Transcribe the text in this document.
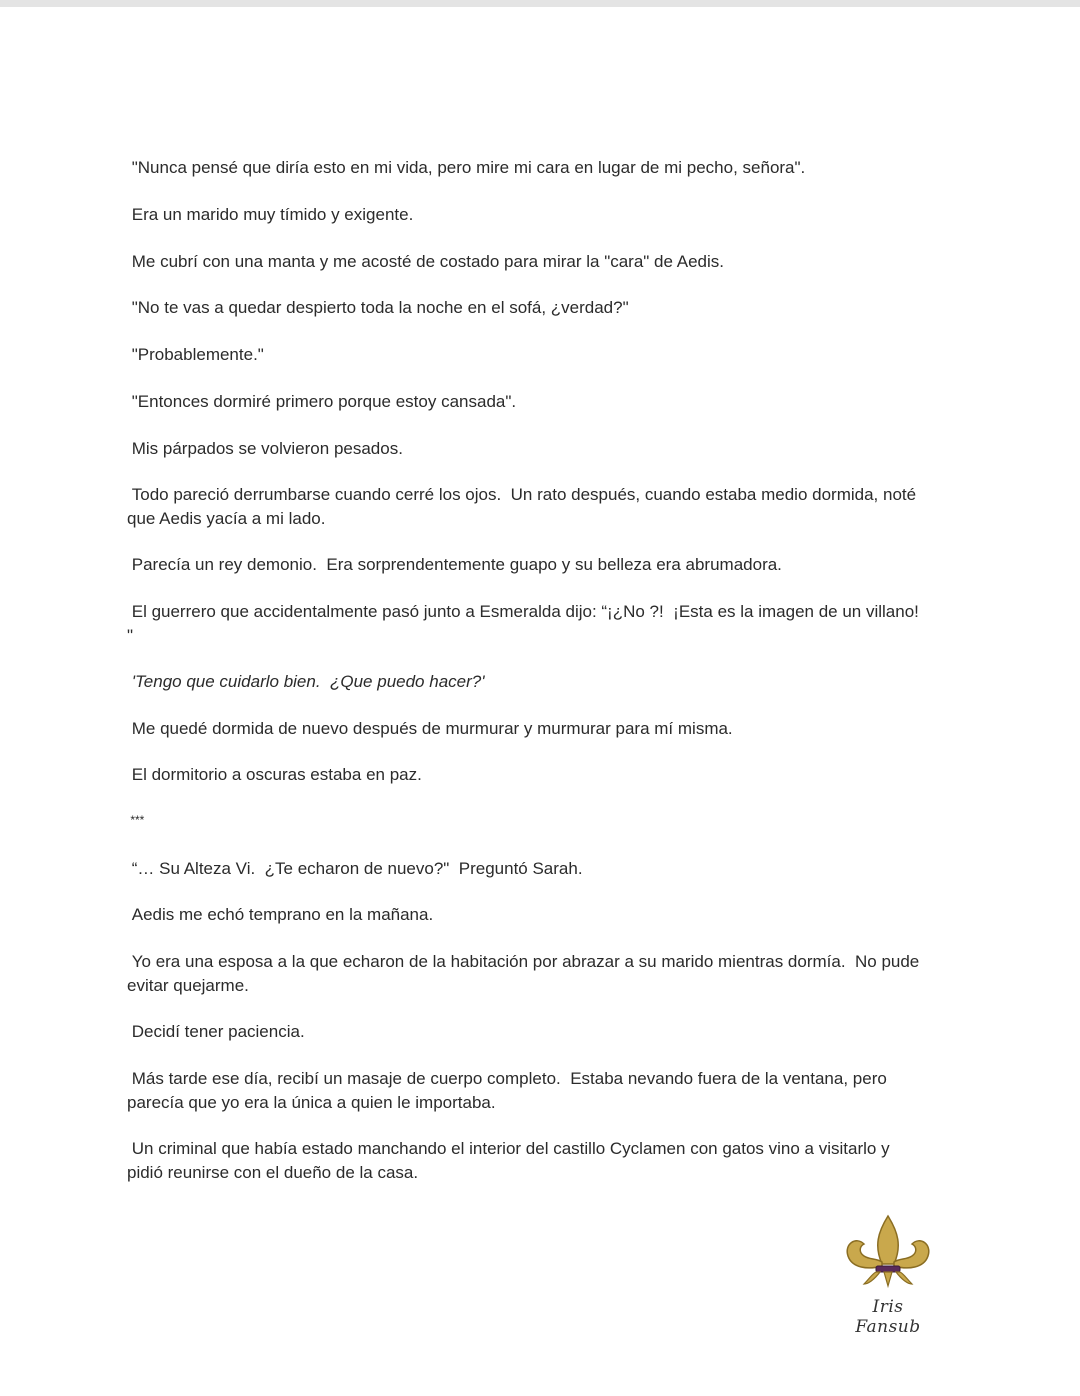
"Nunca pensé que diría esto en mi vida, pero mire mi cara en lugar de mi pecho, señora".

Era un marido muy tímido y exigente.

Me cubrí con una manta y me acosté de costado para mirar la "cara" de Aedis.

"No te vas a quedar despierto toda la noche en el sofá, ¿verdad?"

"Probablemente."

"Entonces dormiré primero porque estoy cansada".

Mis párpados se volvieron pesados.

Todo pareció derrumbarse cuando cerré los ojos.  Un rato después, cuando estaba medio dormida, noté
que Aedis yacía a mi lado.

Parecía un rey demonio.  Era sorprendentemente guapo y su belleza era abrumadora.

El guerrero que accidentalmente pasó junto a Esmeralda dijo: “¡¿No ?!  ¡Esta es la imagen de un villano!
"

'Tengo que cuidarlo bien.  ¿Que puedo hacer?'

Me quedé dormida de nuevo después de murmurar y murmurar para mí misma.

El dormitorio a oscuras estaba en paz.

***

“… Su Alteza Vi.  ¿Te echaron de nuevo?"  Preguntó Sarah.

Aedis me echó temprano en la mañana.

Yo era una esposa a la que echaron de la habitación por abrazar a su marido mientras dormía.  No pude
evitar quejarme.

Decidí tener paciencia.

Más tarde ese día, recibí un masaje de cuerpo completo.  Estaba nevando fuera de la ventana, pero
parecía que yo era la única a quien le importaba.

Un criminal que había estado manchando el interior del castillo Cyclamen con gatos vino a visitarlo y
pidió reunirse con el dueño de la casa.

Iris Fansub
